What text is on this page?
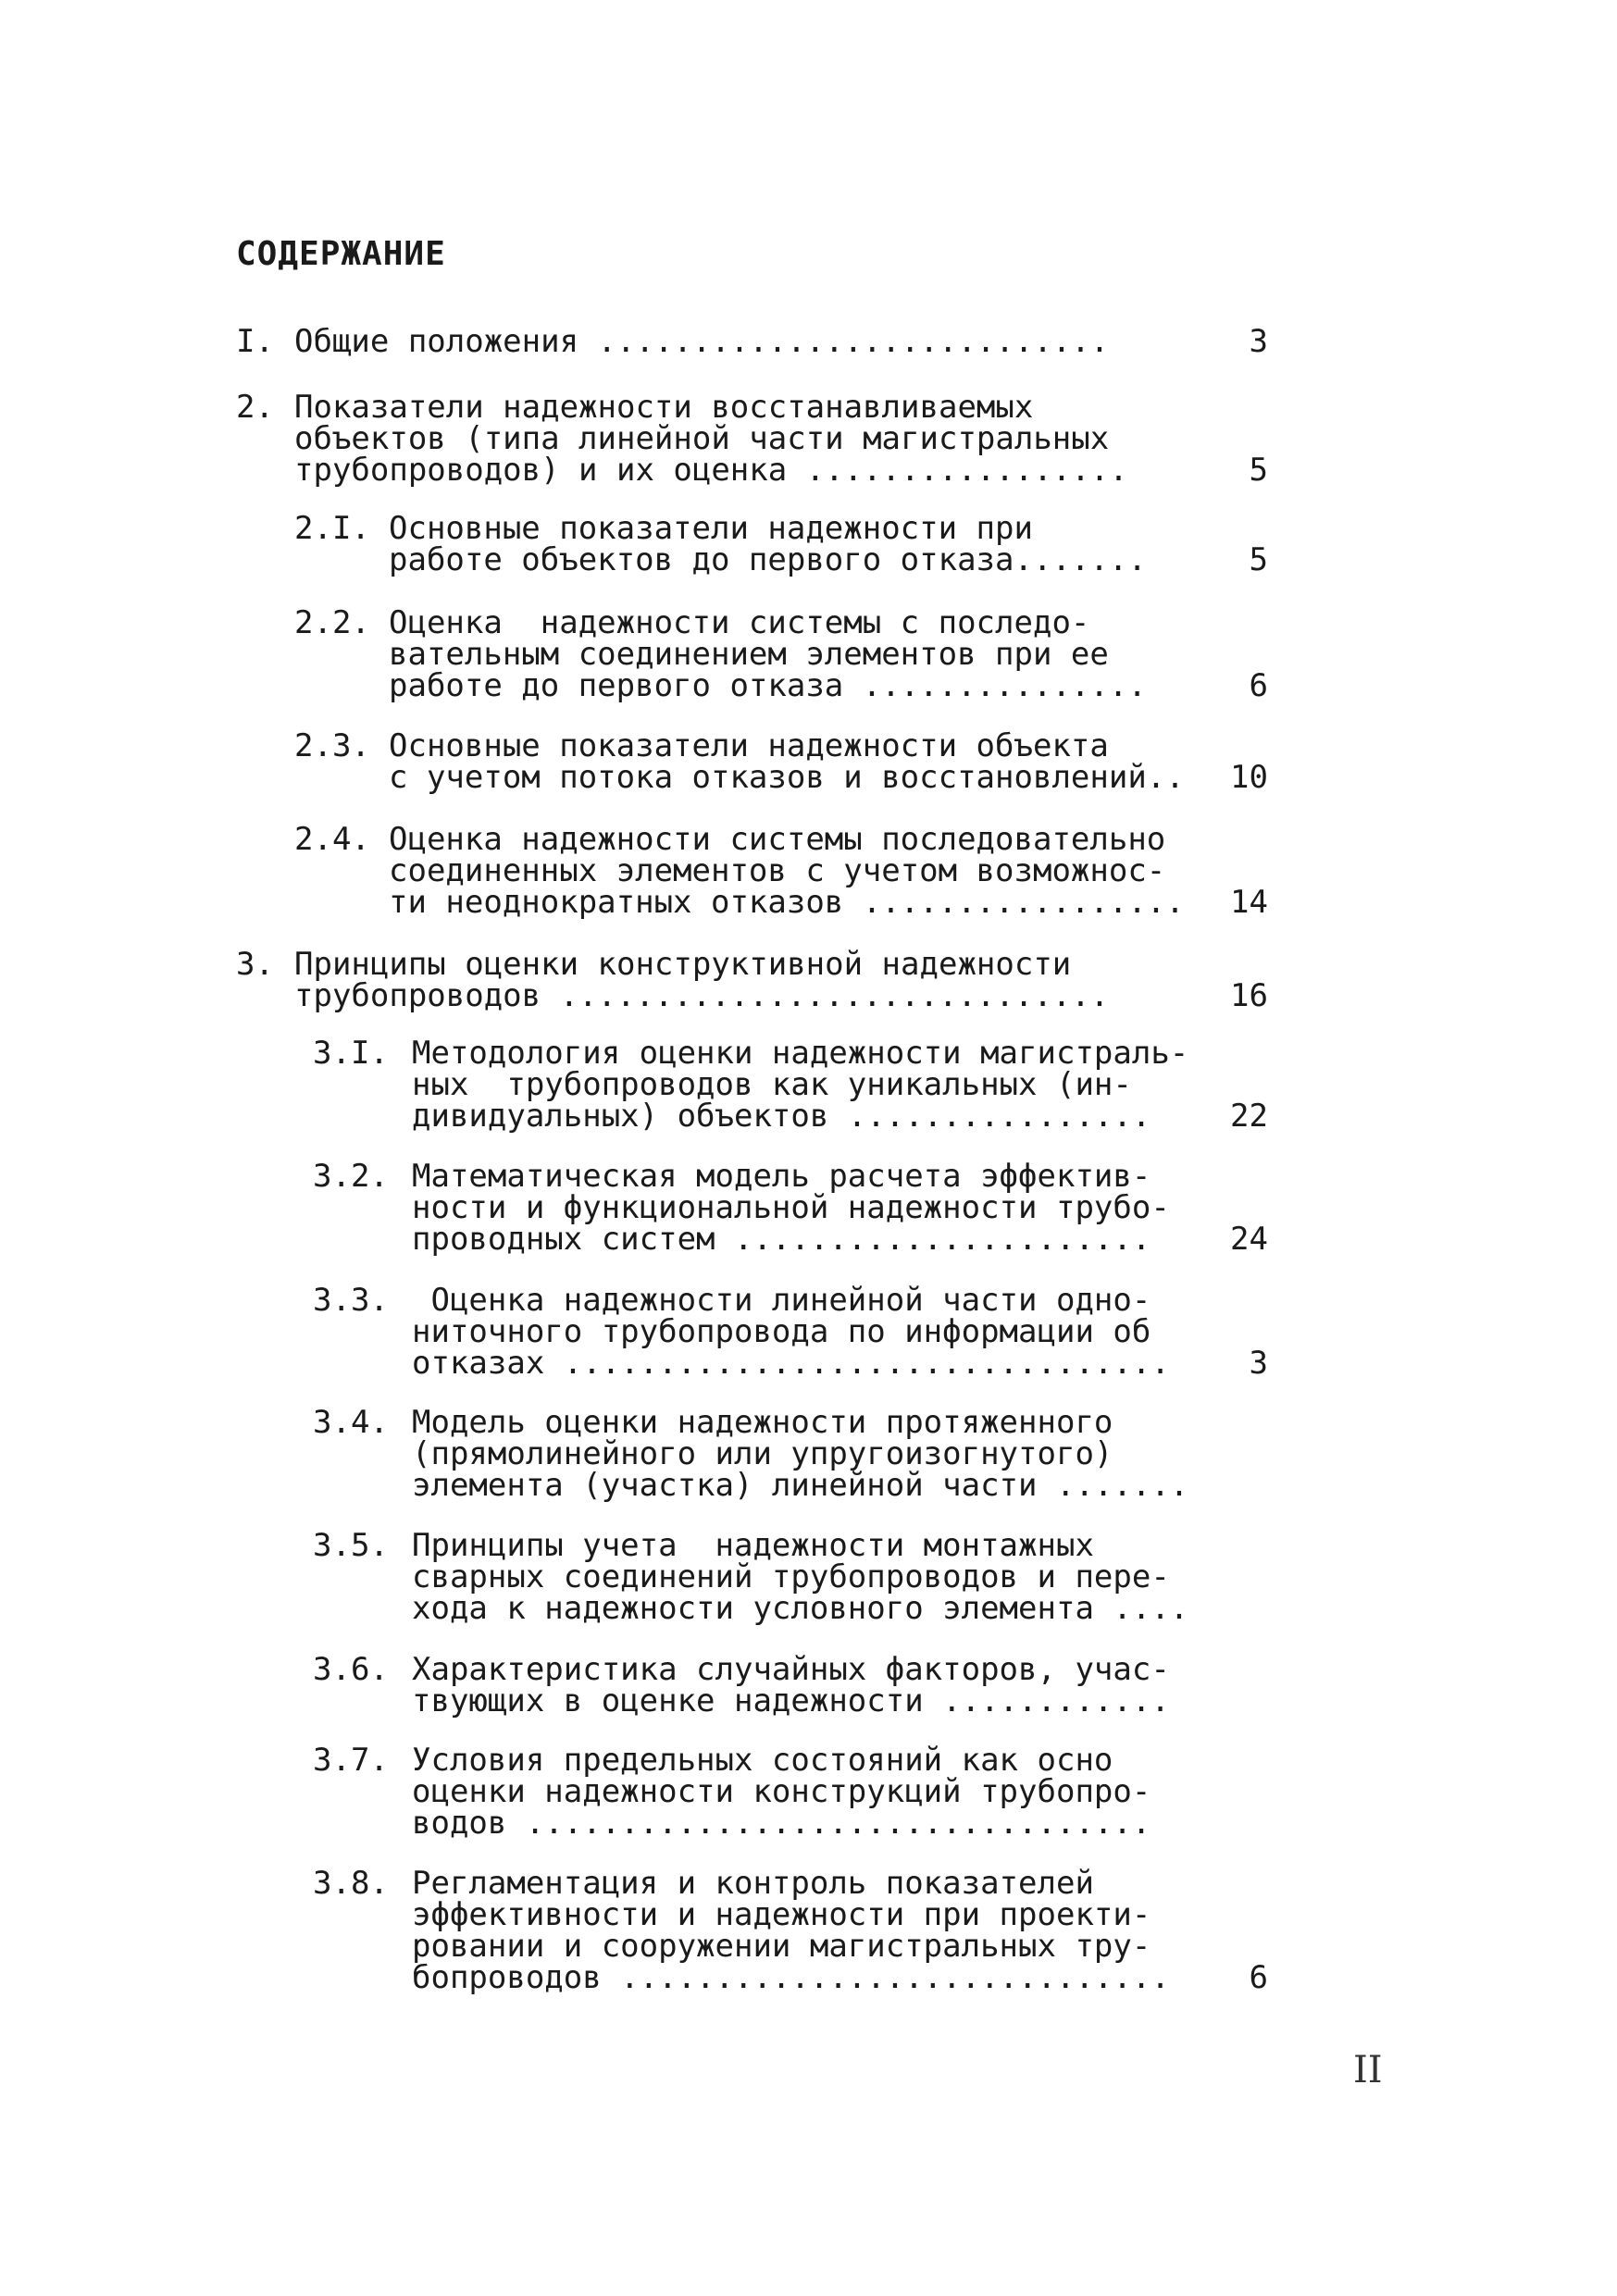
СОДЕРЖАНИЕ
I. Общие положения ...........................	3
2. Показатели надежности восстанавливаемых
объектов (типа линейной части магистральных
трубопроводов) и их оценка .................	5
2.I. Основные показатели надежности при
работе объектов до первого отказа.......	5
2.2. Оценка  надежности системы с последо-
вательным соединением элементов при ее
работе до первого отказа ...............	6
2.3. Основные показатели надежности объекта
с учетом потока отказов и восстановлений.. 10
2.4. Оценка надежности системы последовательно
соединенных элементов с учетом возможнос-
ти неоднократных отказов ................. 14
3. Принципы оценки конструктивной надежности
трубопроводов .............................	16
3.I. Методология оценки надежности магистраль-
ных  трубопроводов как уникальных (ин-
дивидуальных) объектов ................	22
3.2. Математическая модель расчета эффектив-
ности и функциональной надежности трубо-
проводных систем ......................	24
3.3. Оценка надежности линейной части одно-
ниточного трубопровода по информации об
отказах ................................	3
3.4. Модель оценки надежности протяженного
(прямолинейного или упругоизогнутого)
элемента (участка) линейной части .......
3.5. Принципы учета  надежности монтажных
сварных соединений трубопроводов и пере-
хода к надежности условного элемента ....
3.6. Характеристика случайных факторов, учас-
твующих в оценке надежности ............
3.7. Условия предельных состояний как осно
оценки надежности конструкций трубопро-
водов .................................
3.8. Регламентация и контроль показателей
эффективности и надежности при проекти-
ровании и сооружении магистральных тру-
бопроводов .............................	6
II
